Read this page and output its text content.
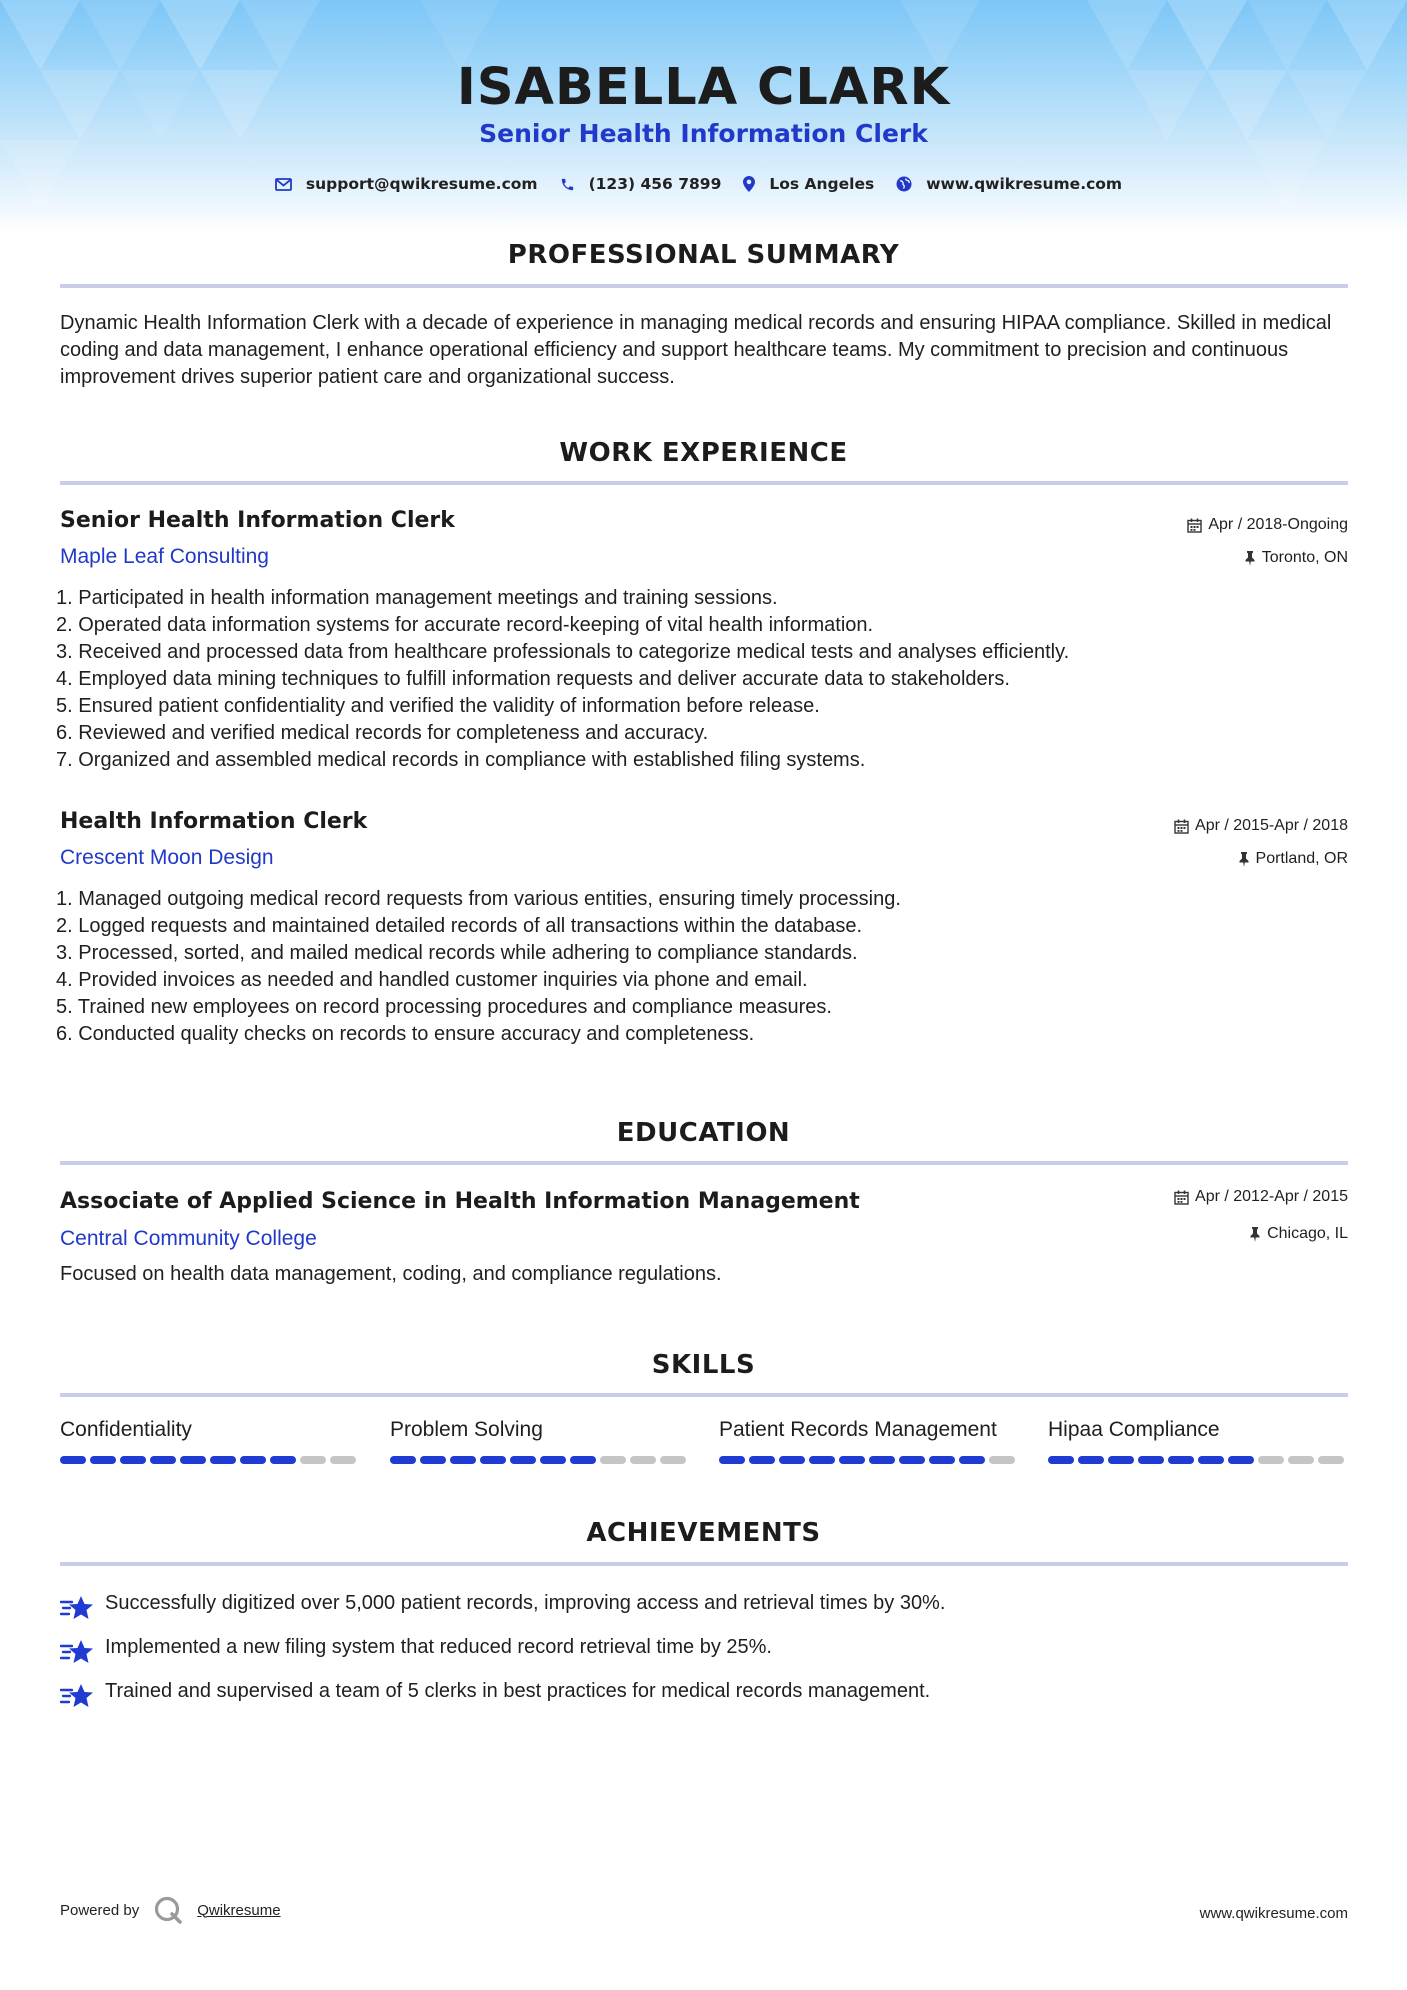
ISABELLA CLARK
Senior Health Information Clerk
support@qwikresume.com	(123) 456 7899	Los Angeles	www.qwikresume.com
PROFESSIONAL SUMMARY

Dynamic Health Information Clerk with a decade of experience in managing medical records and ensuring HIPAA compliance. Skilled in medical coding and data management, I enhance operational efficiency and support healthcare teams. My commitment to precision and continuous improvement drives superior patient care and organizational success.

WORK EXPERIENCE
Senior Health Information Clerk
Maple Leaf Consulting
Apr / 2018-Ongoing
Toronto, ON
1. Participated in health information management meetings and training sessions.
2. Operated data information systems for accurate record-keeping of vital health information.
3. Received and processed data from healthcare professionals to categorize medical tests and analyses efficiently.
4. Employed data mining techniques to fulfill information requests and deliver accurate data to stakeholders.
5. Ensured patient confidentiality and verified the validity of information before release.
6. Reviewed and verified medical records for completeness and accuracy.
7. Organized and assembled medical records in compliance with established filing systems.
Health Information Clerk
Crescent Moon Design
Apr / 2015-Apr / 2018
Portland, OR
1. Managed outgoing medical record requests from various entities, ensuring timely processing.
2. Logged requests and maintained detailed records of all transactions within the database.
3. Processed, sorted, and mailed medical records while adhering to compliance standards.
4. Provided invoices as needed and handled customer inquiries via phone and email.
5. Trained new employees on record processing procedures and compliance measures.
6. Conducted quality checks on records to ensure accuracy and completeness.
EDUCATION
Associate of Applied Science in Health Information Management
Central Community College
Apr / 2012-Apr / 2015
Chicago, IL

Focused on health data management, coding, and compliance regulations.

SKILLS
Confidentiality	Problem Solving	Patient Records Management	Hipaa Compliance
ACHIEVEMENTS
Successfully digitized over 5,000 patient records, improving access and retrieval times by 30%.
Implemented a new filing system that reduced record retrieval time by 25%.
Trained and supervised a team of 5 clerks in best practices for medical records management.
Powered by	Qwikresume	www.qwikresume.com
